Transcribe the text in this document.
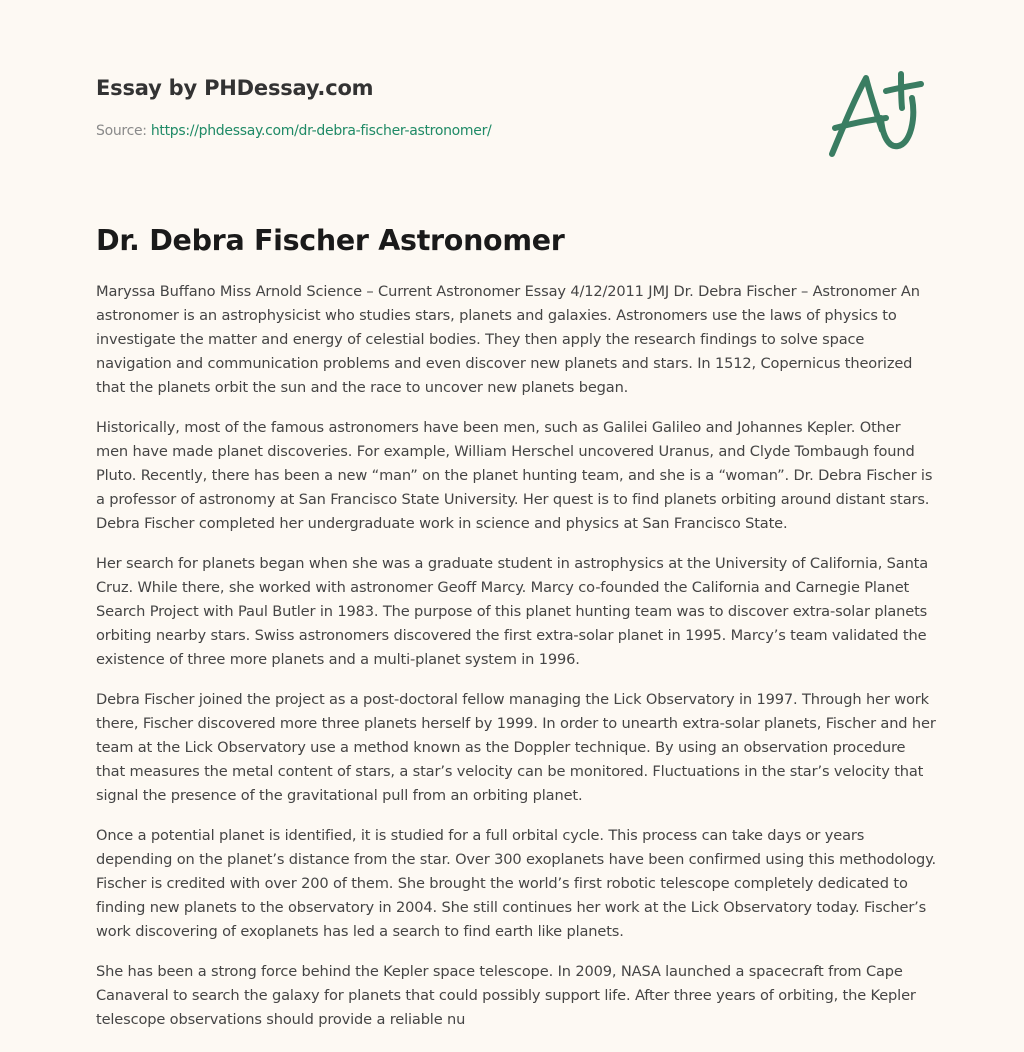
Essay by PHDessay.com
Source: https://phdessay.com/dr-debra-fischer-astronomer/
Dr. Debra Fischer Astronomer

Maryssa Buffano Miss Arnold Science – Current Astronomer Essay 4/12/2011 JMJ Dr. Debra Fischer – Astronomer An astronomer is an astrophysicist who studies stars, planets and galaxies. Astronomers use the laws of physics to investigate the matter and energy of celestial bodies. They then apply the research findings to solve space navigation and communication problems and even discover new planets and stars. In 1512, Copernicus theorized that the planets orbit the sun and the race to uncover new planets began.

Historically, most of the famous astronomers have been men, such as Galilei Galileo and Johannes Kepler. Other men have made planet discoveries. For example, William Herschel uncovered Uranus, and Clyde Tombaugh found Pluto. Recently, there has been a new “man” on the planet hunting team, and she is a “woman”. Dr. Debra Fischer is a professor of astronomy at San Francisco State University. Her quest is to find planets orbiting around distant stars. Debra Fischer completed her undergraduate work in science and physics at San Francisco State.

Her search for planets began when she was a graduate student in astrophysics at the University of California, Santa Cruz. While there, she worked with astronomer Geoff Marcy. Marcy co-founded the California and Carnegie Planet Search Project with Paul Butler in 1983. The purpose of this planet hunting team was to discover extra-solar planets orbiting nearby stars. Swiss astronomers discovered the first extra-solar planet in 1995. Marcy’s team validated the existence of three more planets and a multi-planet system in 1996.

Debra Fischer joined the project as a post-doctoral fellow managing the Lick Observatory in 1997. Through her work there, Fischer discovered more three planets herself by 1999. In order to unearth extra-solar planets, Fischer and her team at the Lick Observatory use a method known as the Doppler technique. By using an observation procedure that measures the metal content of stars, a star’s velocity can be monitored. Fluctuations in the star’s velocity that signal the presence of the gravitational pull from an orbiting planet.

Once a potential planet is identified, it is studied for a full orbital cycle. This process can take days or years depending on the planet’s distance from the star. Over 300 exoplanets have been confirmed using this methodology. Fischer is credited with over 200 of them. She brought the world’s first robotic telescope completely dedicated to finding new planets to the observatory in 2004. She still continues her work at the Lick Observatory today. Fischer’s work discovering of exoplanets has led a search to find earth like planets.

She has been a strong force behind the Kepler space telescope. In 2009, NASA launched a spacecraft from Cape Canaveral to search the galaxy for planets that could possibly support life. After three years of orbiting, the Kepler telescope observations should provide a reliable nu
